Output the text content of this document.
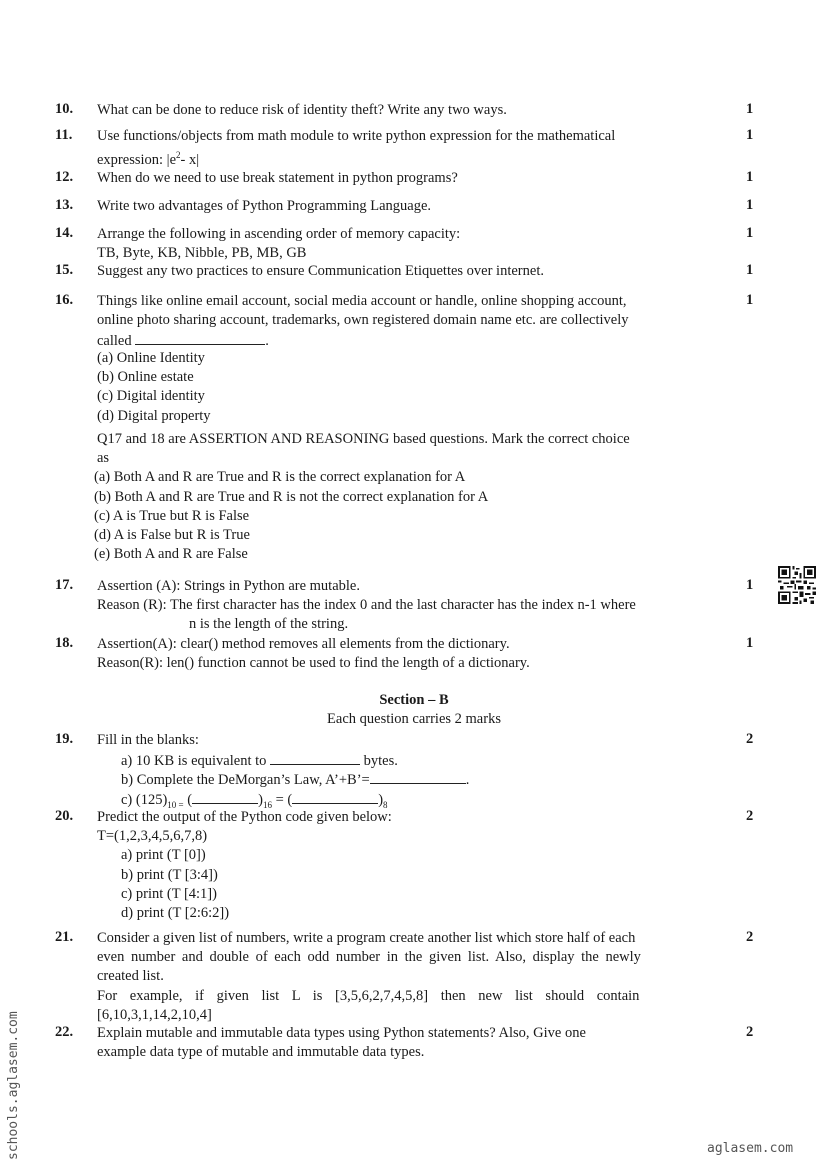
10. What can be done to reduce risk of identity theft? Write any two ways.	1
11. Use functions/objects from math module to write python expression for the mathematical
expression: $|e^2-$ x|
1
12. When do we need to use break statement in python programs?	1
13. Write two advantages of Python Programming Language.	1
14. Arrange the following in ascending order of memory capacity:
TB, Byte, KB, Nibble, PB, MB, GB
1
15. Suggest any two practices to ensure Communication Etiquettes over internet.	1
16. Things like online email account, social media account or handle, online shopping account,
online photo sharing account, trademarks, own registered domain name etc. are collectively
called	.
(a) Online Identity
(b) Online estate
(c) Digital identity
(d) Digital property
1
Q17 and 18 are ASSERTION AND REASONING based questions. Mark the correct choice
as
(a) Both A and R are True and R is the correct explanation for A
(b) Both A and R are True and R is not the correct explanation for A
(c) A is True but R is False
(d) A is False but R is True
(e) Both A and R are False
17. Assertion (A): Strings in Python are mutable.
Reason (R): The first character has the index 0 and the last character has the index n-1 where
n is the length of the string.
1
18. Assertion(A): clear() method removes all elements from the dictionary.
Reason(R): len() function cannot be used to find the length of a dictionary.
1
Section – B
Each question carries 2 marks
19. Fill in the blanks:
a) 10 KB is equivalent to	bytes.
b) Complete the DeMorgan’s Law, A’+B’=	.
c) $(125)_{10 =}$ (	)$_{16}$ = (	)$_8$
2
20. Predict the output of the Python code given below:
T=(1,2,3,4,5,6,7,8)
a) print (T [0])
b) print (T [3:4])
c) print (T [4:1])
d) print (T [2:6:2])
2
21. Consider a given list of numbers, write a program create another list which store half of each
even number and double of each odd number in the given list. Also, display the newly
created list.
For example, if given list L is [3,5,6,2,7,4,5,8] then new list should contain
[6,10,3,1,14,2,10,4]
2
22. Explain mutable and immutable data types using Python statements? Also, Give one
example data type of mutable and immutable data types.
2
schools.aglasem.com	aglasem.com
